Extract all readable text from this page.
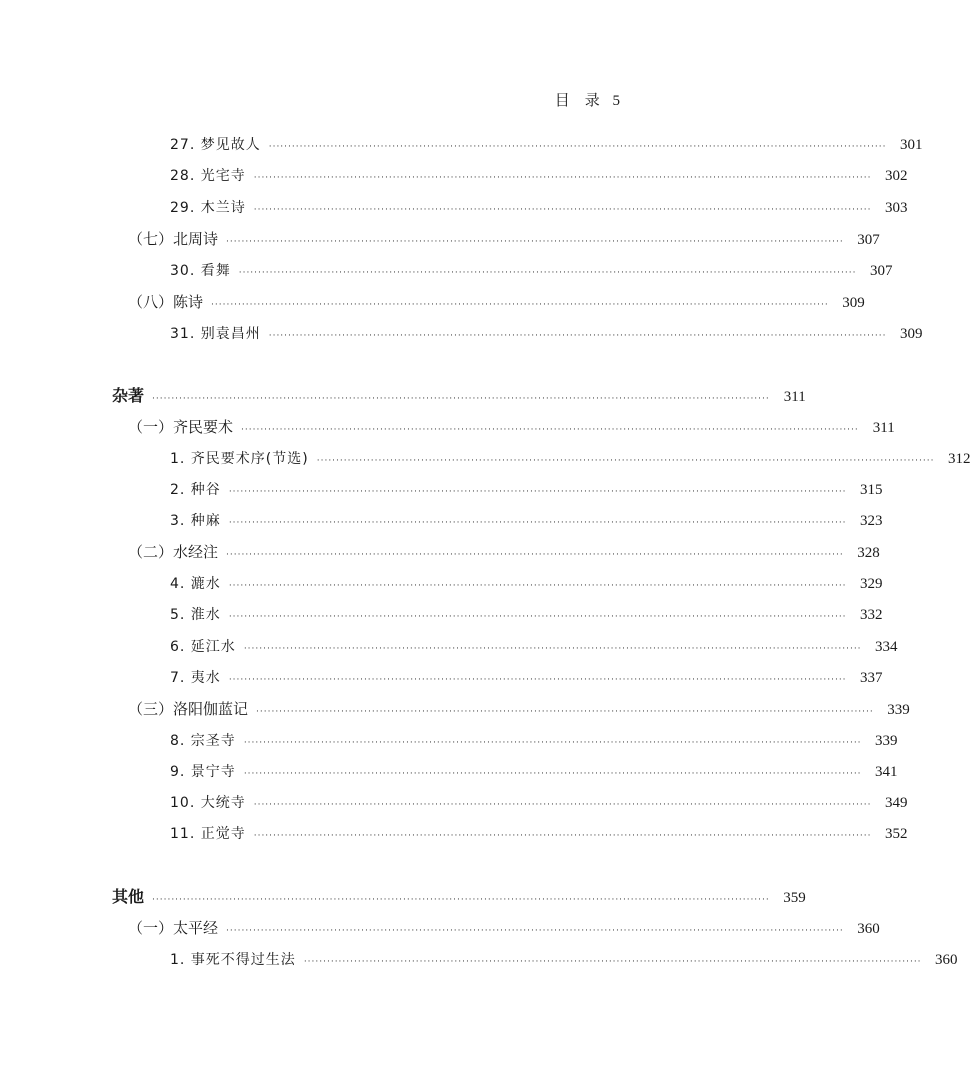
目　录 5
27. 梦见故人 ································································································································································ 301
28. 光宅寺 ································································································································································ 302
29. 木兰诗 ································································································································································ 303
（七）北周诗 ································································································································································ 307
30. 看舞 ································································································································································ 307
（八）陈诗 ································································································································································ 309
31. 别袁昌州 ································································································································································ 309
杂著 ································································································································································ 311
（一）齐民要术 ································································································································································ 311
1. 齐民要术序(节选) ································································································································································ 312
2. 种谷 ································································································································································ 315
3. 种麻 ································································································································································ 323
（二）水经注 ································································································································································ 328
4. 漉水 ································································································································································ 329
5. 淮水 ································································································································································ 332
6. 延江水 ································································································································································ 334
7. 夷水 ································································································································································ 337
（三）洛阳伽蓝记 ································································································································································ 339
8. 宗圣寺 ································································································································································ 339
9. 景宁寺 ································································································································································ 341
10. 大统寺 ································································································································································ 349
11. 正觉寺 ································································································································································ 352
其他 ································································································································································ 359
（一）太平经 ································································································································································ 360
1. 事死不得过生法 ································································································································································ 360
